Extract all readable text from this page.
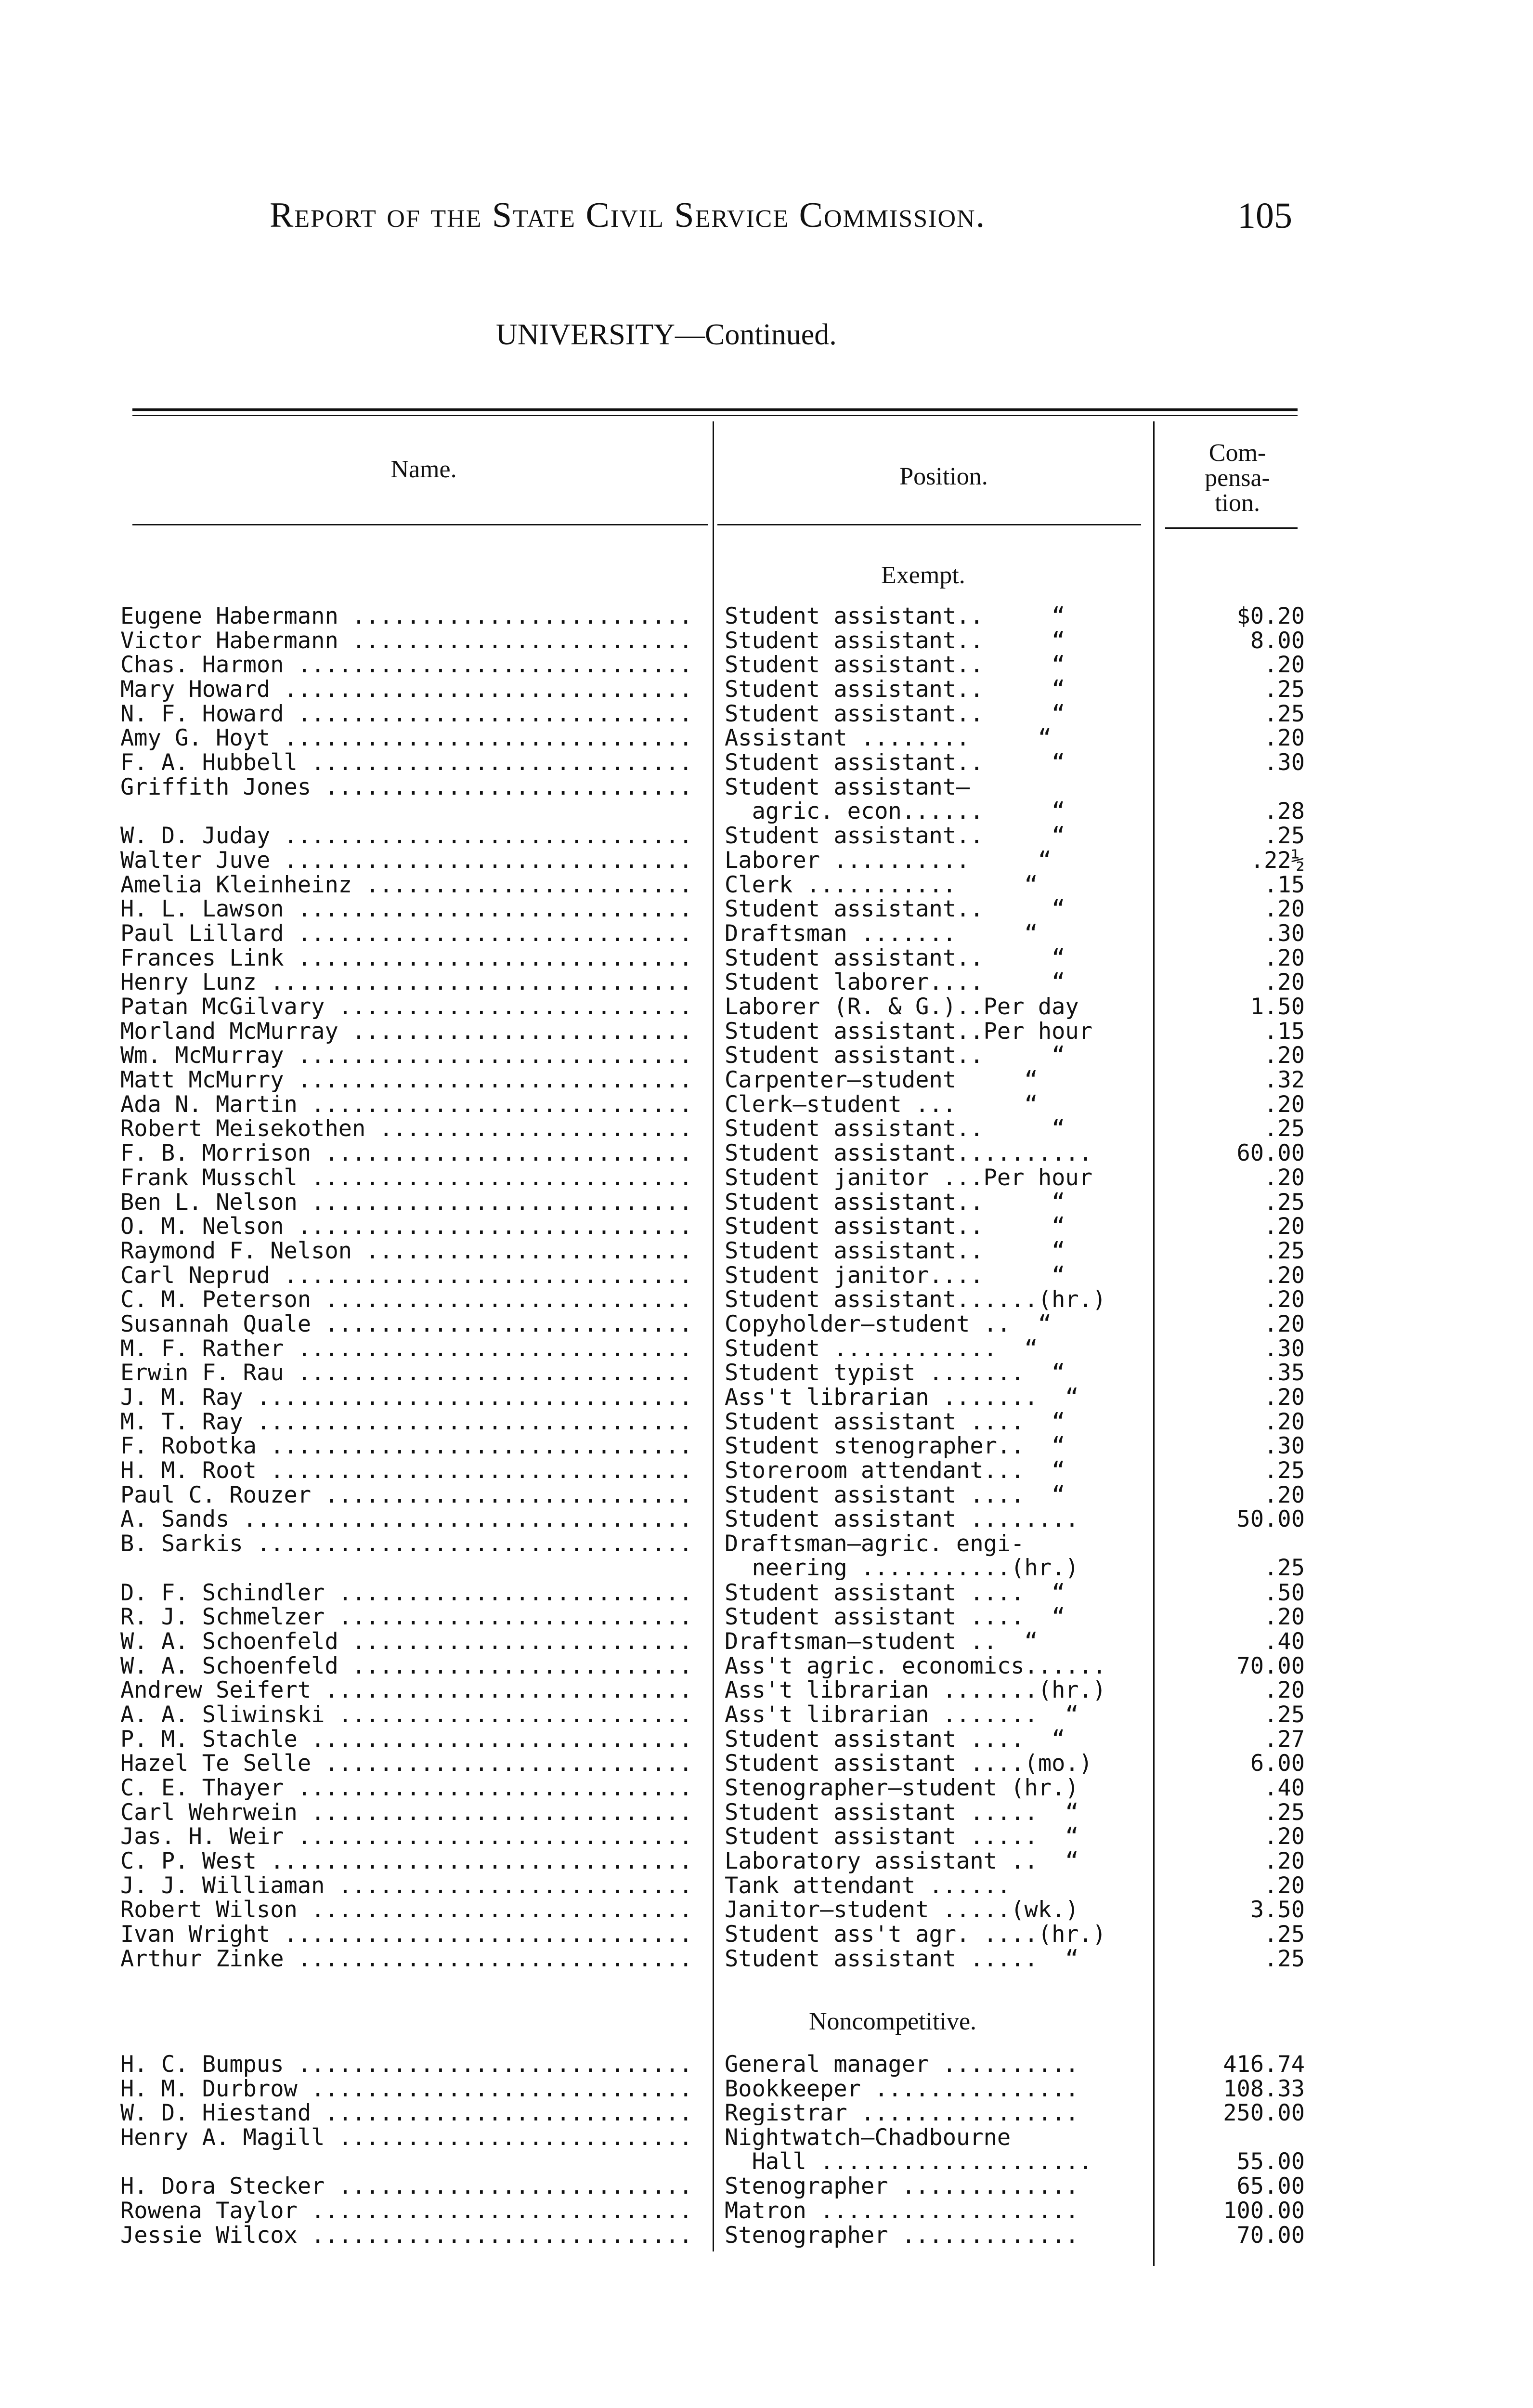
Report of the State Civil Service Commission.	105
UNIVERSITY—Continued.
Name.	Position.
Com-
pensa-
tion.
Exempt.
Eugene Habermann .....	Student assistant..     “	$0.20
Victor Habermann .....	Student assistant..     “	8.00
Chas. Harmon .....	Student assistant..     “	.20
Mary Howard .....	Student assistant..     “	.25
N. F. Howard .....	Student assistant..     “	.25
Amy G. Hoyt .....	Assistant ........     “	.20
F. A. Hubbell .....	Student assistant..     “	.30
Griffith Jones .....	Student assistant—
agric. econ......     “	.28
W. D. Juday .....	Student assistant..     “	.25
Walter Juve .....	Laborer ..........     “	.22½
Amelia Kleinheinz .....	Clerk ...........     “	.15
H. L. Lawson .....	Student assistant..     “	.20
Paul Lillard .....	Draftsman .......     “	.30
Frances Link .....	Student assistant..     “	.20
Henry Lunz .....	Student laborer....     “	.20
Patan McGilvary .....	Laborer (R. & G.)..Per day	1.50
Morland McMurray .....	Student assistant..Per hour	.15
Wm. McMurray .....	Student assistant..     “	.20
Matt McMurry .....	Carpenter—student     “	.32
Ada N. Martin .....	Clerk—student ...     “	.20
Robert Meisekothen .....	Student assistant..     “	.25
F. B. Morrison .....	Student assistant..........	60.00
Frank Musschl .....	Student janitor ...Per hour	.20
Ben L. Nelson .....	Student assistant..     “	.25
O. M. Nelson .....	Student assistant..     “	.20
Raymond F. Nelson .....	Student assistant..     “	.25
Carl Neprud .....	Student janitor....     “	.20
C. M. Peterson .....	Student assistant......(hr.)	.20
Susannah Quale .....	Copyholder—student ..  “	.20
M. F. Rather .....	Student ............  “	.30
Erwin F. Rau .....	Student typist .......  “	.35
J. M. Ray .....	Ass't librarian .......  “	.20
M. T. Ray .....	Student assistant ....  “	.20
F. Robotka .....	Student stenographer..  “	.30
H. M. Root .....	Storeroom attendant...  “	.25
Paul C. Rouzer .....	Student assistant ....  “	.20
A. Sands .....	Student assistant ........	50.00
B. Sarkis .....	Draftsman—agric. engi-
neering ...........(hr.)	.25
D. F. Schindler .....	Student assistant ....  “	.50
R. J. Schmelzer .....	Student assistant ....  “	.20
W. A. Schoenfeld .....	Draftsman—student ..  “	.40
W. A. Schoenfeld .....	Ass't agric. economics......	70.00
Andrew Seifert .....	Ass't librarian .......(hr.)	.20
A. A. Sliwinski .....	Ass't librarian .......  “	.25
P. M. Stachle .....	Student assistant ....  “	.27
Hazel Te Selle .....	Student assistant ....(mo.)	6.00
C. E. Thayer .....	Stenographer—student (hr.)	.40
Carl Wehrwein .....	Student assistant .....  “	.25
Jas. H. Weir .....	Student assistant .....  “	.20
C. P. West .....	Laboratory assistant ..  “	.20
J. J. Williaman .....	Tank attendant ......	.20
Robert Wilson .....	Janitor—student .....(wk.)	3.50
Ivan Wright .....	Student ass't agr. ....(hr.)	.25
Arthur Zinke .....	Student assistant .....  “	.25
Noncompetitive.
H. C. Bumpus .....	General manager ..........	416.74
H. M. Durbrow .....	Bookkeeper ...............	108.33
W. D. Hiestand .....	Registrar ................	250.00
Henry A. Magill .....	Nightwatch—Chadbourne
Hall ....................	55.00
H. Dora Stecker .....	Stenographer .............	65.00
Rowena Taylor .....	Matron ...................	100.00
Jessie Wilcox .....	Stenographer .............	70.00
